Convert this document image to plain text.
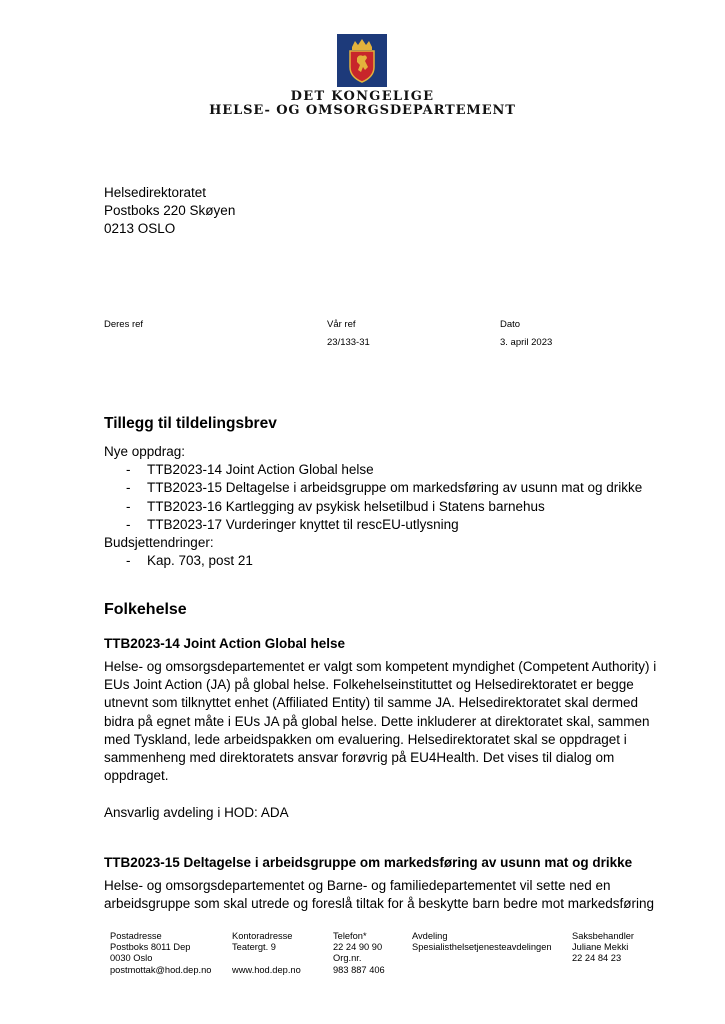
DET KONGELIGE
HELSE- OG OMSORGSDEPARTEMENT
Helsedirektoratet
Postboks 220 Skøyen
0213 OSLO
Deres ref	Vår ref
23/133-31
Dato
3. april 2023
Tillegg til tildelingsbrev
Nye oppdrag:
- TTB2023-14 Joint Action Global helse
- TTB2023-15 Deltagelse i arbeidsgruppe om markedsføring av usunn mat og drikke
- TTB2023-16 Kartlegging av psykisk helsetilbud i Statens barnehus
- TTB2023-17 Vurderinger knyttet til rescEU-utlysning
Budsjettendringer:
- Kap. 703, post 21
Folkehelse
TTB2023-14 Joint Action Global helse
Helse- og omsorgsdepartementet er valgt som kompetent myndighet (Competent Authority) i
EUs Joint Action (JA) på global helse. Folkehelseinstituttet og Helsedirektoratet er begge
utnevnt som tilknyttet enhet (Affiliated Entity) til samme JA. Helsedirektoratet skal dermed
bidra på egnet måte i EUs JA på global helse. Dette inkluderer at direktoratet skal, sammen
med Tyskland, lede arbeidspakken om evaluering. Helsedirektoratet skal se oppdraget i
sammenheng med direktoratets ansvar forøvrig på EU4Health. Det vises til dialog om
oppdraget.
Ansvarlig avdeling i HOD: ADA
TTB2023-15 Deltagelse i arbeidsgruppe om markedsføring av usunn mat og drikke
Helse- og omsorgsdepartementet og Barne- og familiedepartementet vil sette ned en
arbeidsgruppe som skal utrede og foreslå tiltak for å beskytte barn bedre mot markedsføring
Postadresse
Postboks 8011 Dep
0030 Oslo
postmottak@hod.dep.no
Kontoradresse
Teatergt. 9

www.hod.dep.no
Telefon*
22 24 90 90
Org.nr.
983 887 406
Avdeling
Spesialisthelsetjenesteavdelingen
Saksbehandler
Juliane Mekki
22 24 84 23
